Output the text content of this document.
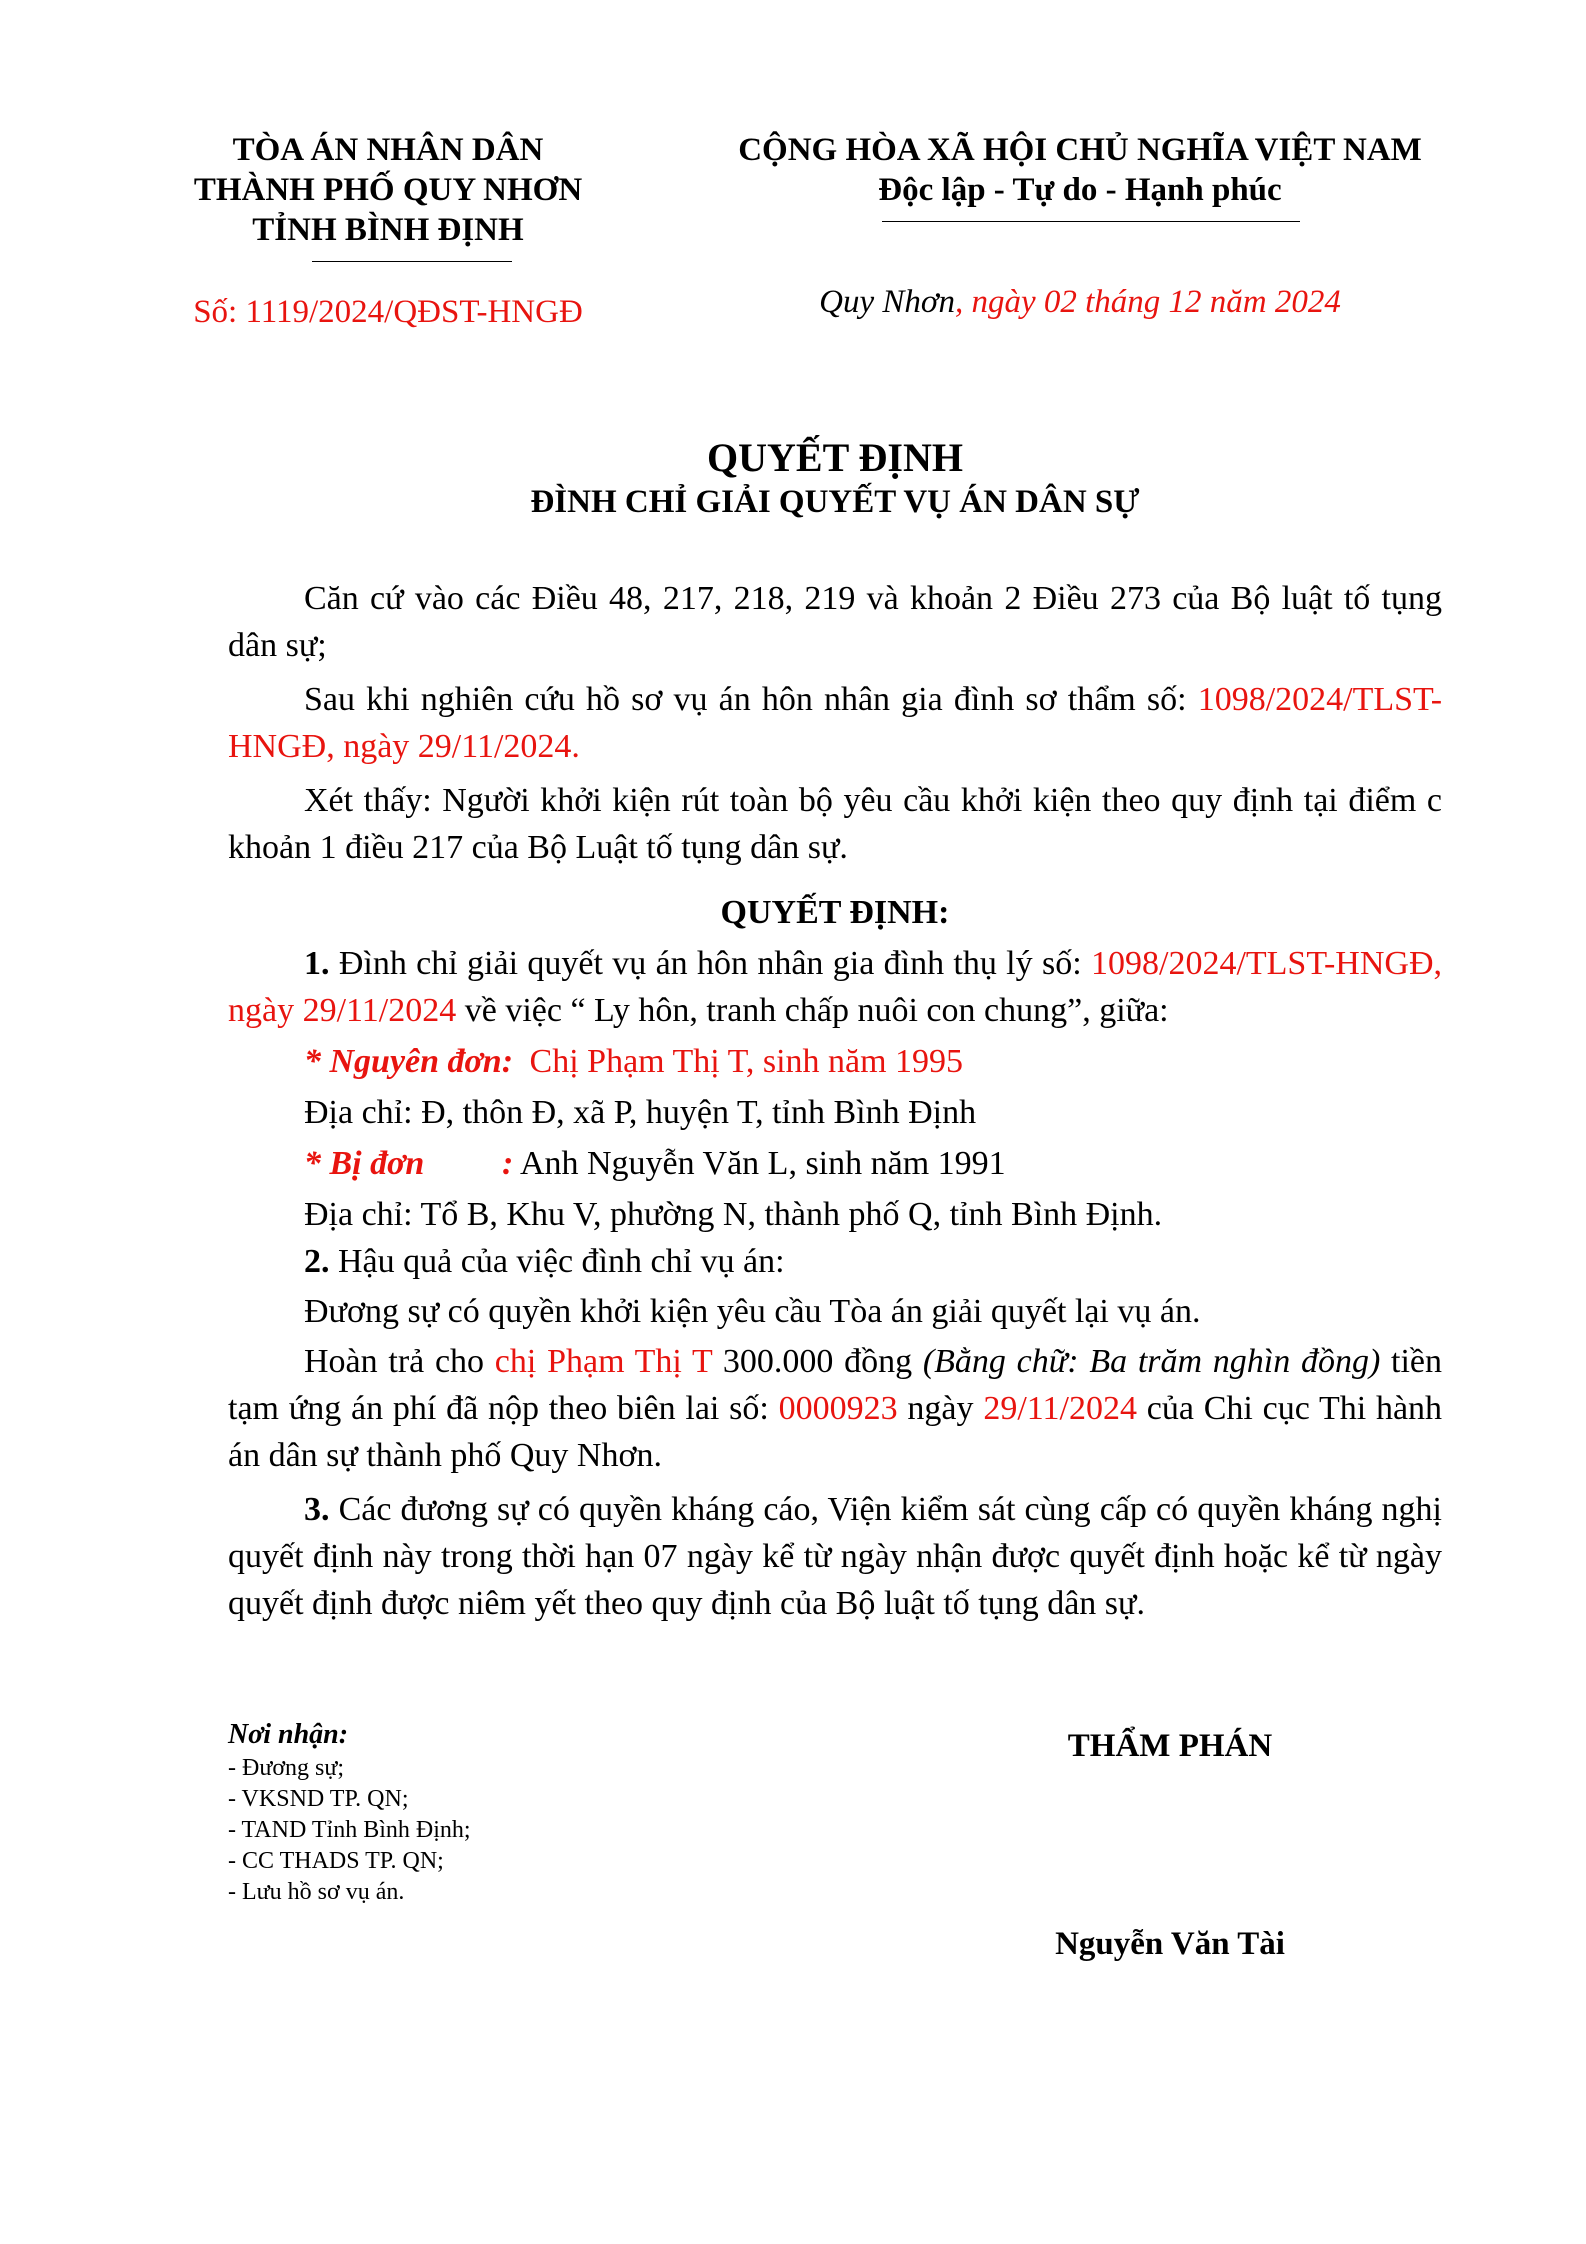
TÒA ÁN NHÂN DÂN
THÀNH PHỐ QUY NHƠN
TỈNH BÌNH ĐỊNH
Số: 1119/2024/QĐST-HNGĐ
CỘNG HÒA XÃ HỘI CHỦ NGHĨA VIỆT NAM
Độc lập - Tự do - Hạnh phúc
Quy Nhơn, ngày 02 tháng 12 năm 2024
QUYẾT ĐỊNH
ĐÌNH CHỈ GIẢI QUYẾT VỤ ÁN DÂN SỰ

Căn cứ vào các Điều 48, 217, 218, 219 và khoản 2 Điều 273 của Bộ luật tố tụng dân sự;

Sau khi nghiên cứu hồ sơ vụ án hôn nhân gia đình sơ thẩm số: 1098/2024/TLST-HNGĐ, ngày 29/11/2024.

Xét thấy: Người khởi kiện rút toàn bộ yêu cầu khởi kiện theo quy định tại điểm c khoản 1 điều 217 của Bộ Luật tố tụng dân sự.

QUYẾT ĐỊNH:

1. Đình chỉ giải quyết vụ án hôn nhân gia đình thụ lý số: 1098/2024/TLST-HNGĐ, ngày 29/11/2024 về việc “ Ly hôn, tranh chấp nuôi con chung”, giữa:

* Nguyên đơn: Chị Phạm Thị T, sinh năm 1995

Địa chỉ: Đ, thôn Đ, xã P, huyện T, tỉnh Bình Định

* Bị đơn : Anh Nguyễn Văn L, sinh năm 1991

Địa chỉ: Tổ B, Khu V, phường N, thành phố Q, tỉnh Bình Định.

2. Hậu quả của việc đình chỉ vụ án:

Đương sự có quyền khởi kiện yêu cầu Tòa án giải quyết lại vụ án.

Hoàn trả cho chị Phạm Thị T 300.000 đồng (Bằng chữ: Ba trăm nghìn đồng) tiền tạm ứng án phí đã nộp theo biên lai số: 0000923 ngày 29/11/2024 của Chi cục Thi hành án dân sự thành phố Quy Nhơn.

3. Các đương sự có quyền kháng cáo, Viện kiểm sát cùng cấp có quyền kháng nghị quyết định này trong thời hạn 07 ngày kể từ ngày nhận được quyết định hoặc kể từ ngày quyết định được niêm yết theo quy định của Bộ luật tố tụng dân sự.

Nơi nhận:
- Đương sự;
- VKSND TP. QN;
- TAND Tỉnh Bình Định;
- CC THADS TP. QN;
- Lưu hồ sơ vụ án.
THẨM PHÁN
Nguyễn Văn Tài
